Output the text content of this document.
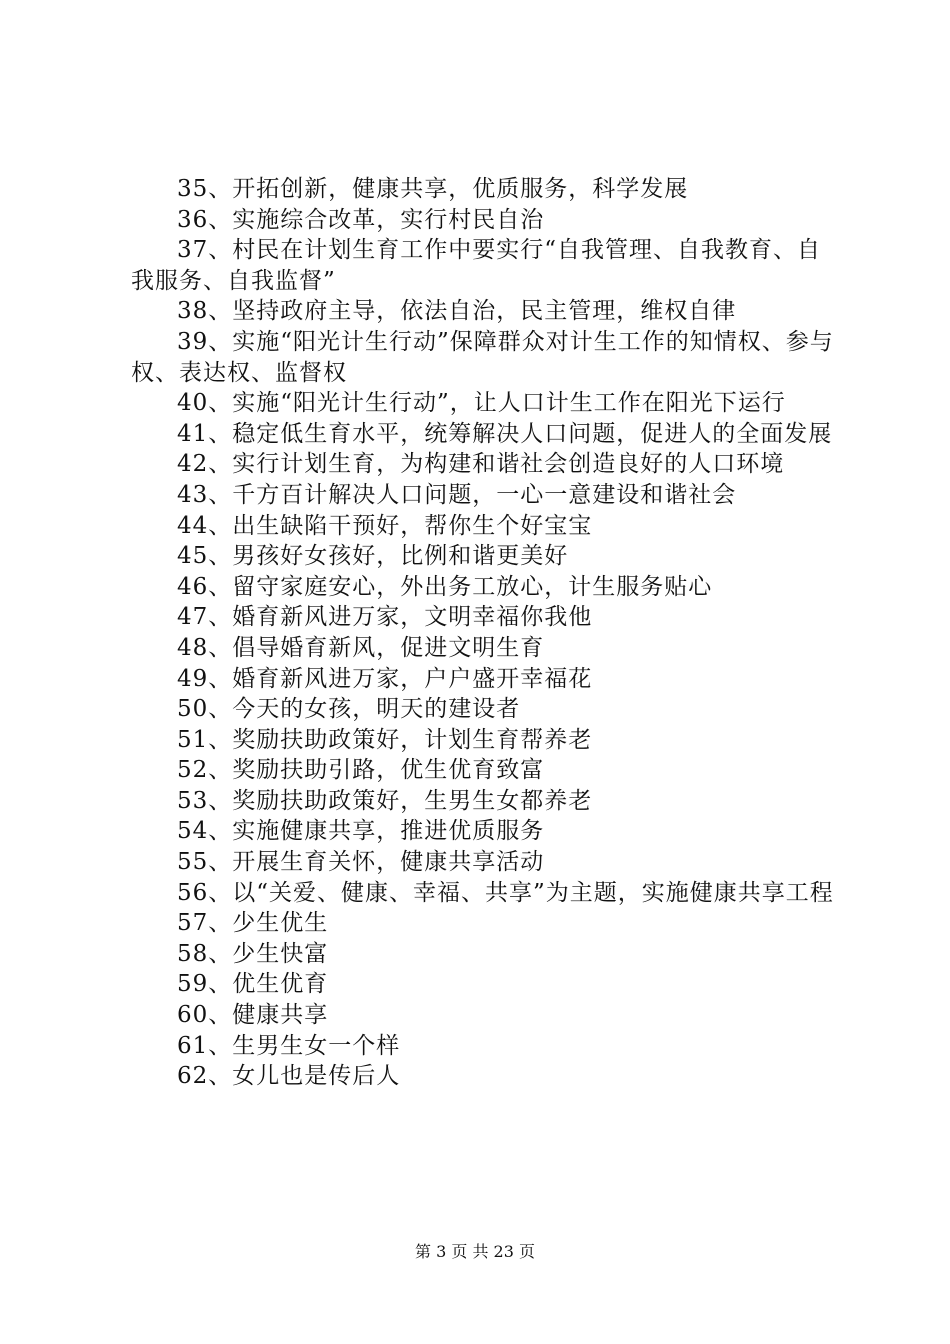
35、开拓创新，健康共享，优质服务，科学发展

36、实施综合改革，实行村民自治

37、村民在计划生育工作中要实行“自我管理、自我教育、自我服务、自我监督”

38、坚持政府主导，依法自治，民主管理，维权自律

39、实施“阳光计生行动”保障群众对计生工作的知情权、参与权、表达权、监督权

40、实施“阳光计生行动”，让人口计生工作在阳光下运行

41、稳定低生育水平，统筹解决人口问题，促进人的全面发展

42、实行计划生育，为构建和谐社会创造良好的人口环境

43、千方百计解决人口问题，一心一意建设和谐社会

44、出生缺陷干预好，帮你生个好宝宝

45、男孩好女孩好，比例和谐更美好

46、留守家庭安心，外出务工放心，计生服务贴心

47、婚育新风进万家，文明幸福你我他

48、倡导婚育新风，促进文明生育

49、婚育新风进万家，户户盛开幸福花

50、今天的女孩，明天的建设者

51、奖励扶助政策好，计划生育帮养老

52、奖励扶助引路，优生优育致富

53、奖励扶助政策好，生男生女都养老

54、实施健康共享，推进优质服务

55、开展生育关怀，健康共享活动

56、以“关爱、健康、幸福、共享”为主题，实施健康共享工程

57、少生优生

58、少生快富

59、优生优育

60、健康共享

61、生男生女一个样

62、女儿也是传后人

第 3 页 共 23 页
